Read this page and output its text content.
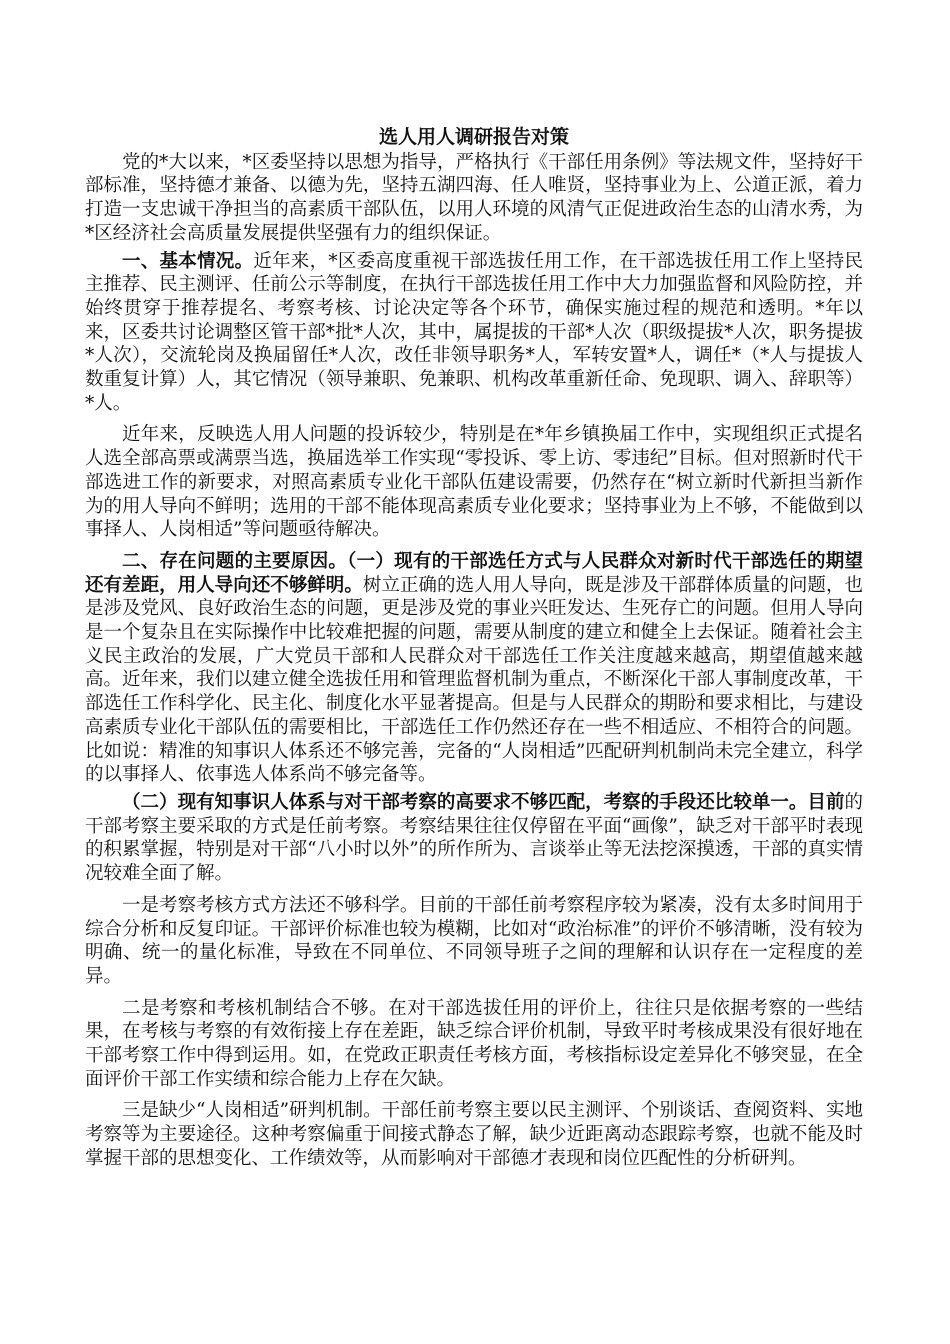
选人用人调研报告对策

党的*大以来，*区委坚持以思想为指导，严格执行《干部任用条例》等法规文件，坚持好干部标准，坚持德才兼备、以德为先，坚持五湖四海、任人唯贤，坚持事业为上、公道正派，着力打造一支忠诚干净担当的高素质干部队伍，以用人环境的风清气正促进政治生态的山清水秀，为*区经济社会高质量发展提供坚强有力的组织保证。

一、基本情况。近年来，*区委高度重视干部选拔任用工作，在干部选拔任用工作上坚持民主推荐、民主测评、任前公示等制度，在执行干部选拔任用工作中大力加强监督和风险防控，并始终贯穿于推荐提名、考察考核、讨论决定等各个环节，确保实施过程的规范和透明。*年以来，区委共讨论调整区管干部*批*人次，其中，属提拔的干部*人次（职级提拔*人次，职务提拔*人次），交流轮岗及换届留任*人次，改任非领导职务*人，军转安置*人，调任*（*人与提拔人数重复计算）人，其它情况（领导兼职、免兼职、机构改革重新任命、免现职、调入、辞职等）*人。

近年来，反映选人用人问题的投诉较少，特别是在*年乡镇换届工作中，实现组织正式提名人选全部高票或满票当选，换届选举工作实现“零投诉、零上访、零违纪”目标。但对照新时代干部选进工作的新要求，对照高素质专业化干部队伍建设需要，仍然存在“树立新时代新担当新作为的用人导向不鲜明；选用的干部不能体现高素质专业化要求；坚持事业为上不够，不能做到以事择人、人岗相适”等问题亟待解决。

二、存在问题的主要原因。（一）现有的干部选任方式与人民群众对新时代干部选任的期望还有差距，用人导向还不够鲜明。树立正确的选人用人导向，既是涉及干部群体质量的问题，也是涉及党风、良好政治生态的问题，更是涉及党的事业兴旺发达、生死存亡的问题。但用人导向是一个复杂且在实际操作中比较难把握的问题，需要从制度的建立和健全上去保证。随着社会主义民主政治的发展，广大党员干部和人民群众对干部选任工作关注度越来越高，期望值越来越高。近年来，我们以建立健全选拔任用和管理监督机制为重点，不断深化干部人事制度改革，干部选任工作科学化、民主化、制度化水平显著提高。但是与人民群众的期盼和要求相比，与建设高素质专业化干部队伍的需要相比，干部选任工作仍然还存在一些不相适应、不相符合的问题。比如说：精准的知事识人体系还不够完善，完备的“人岗相适”匹配研判机制尚未完全建立，科学的以事择人、依事选人体系尚不够完备等。

（二）现有知事识人体系与对干部考察的高要求不够匹配，考察的手段还比较单一。目前的干部考察主要采取的方式是任前考察。考察结果往往仅停留在平面“画像”，缺乏对干部平时表现的积累掌握，特别是对干部“八小时以外”的所作所为、言谈举止等无法挖深摸透，干部的真实情况较难全面了解。

一是考察考核方式方法还不够科学。目前的干部任前考察程序较为紧凑，没有太多时间用于综合分析和反复印证。干部评价标准也较为模糊，比如对“政治标准”的评价不够清晰，没有较为明确、统一的量化标准，导致在不同单位、不同领导班子之间的理解和认识存在一定程度的差异。

二是考察和考核机制结合不够。在对干部选拔任用的评价上，往往只是依据考察的一些结果，在考核与考察的有效衔接上存在差距，缺乏综合评价机制，导致平时考核成果没有很好地在干部考察工作中得到运用。如，在党政正职责任考核方面，考核指标设定差异化不够突显，在全面评价干部工作实绩和综合能力上存在欠缺。

三是缺少“人岗相适”研判机制。干部任前考察主要以民主测评、个别谈话、查阅资料、实地考察等为主要途径。这种考察偏重于间接式静态了解，缺少近距离动态跟踪考察，也就不能及时掌握干部的思想变化、工作绩效等，从而影响对干部德才表现和岗位匹配性的分析研判。
